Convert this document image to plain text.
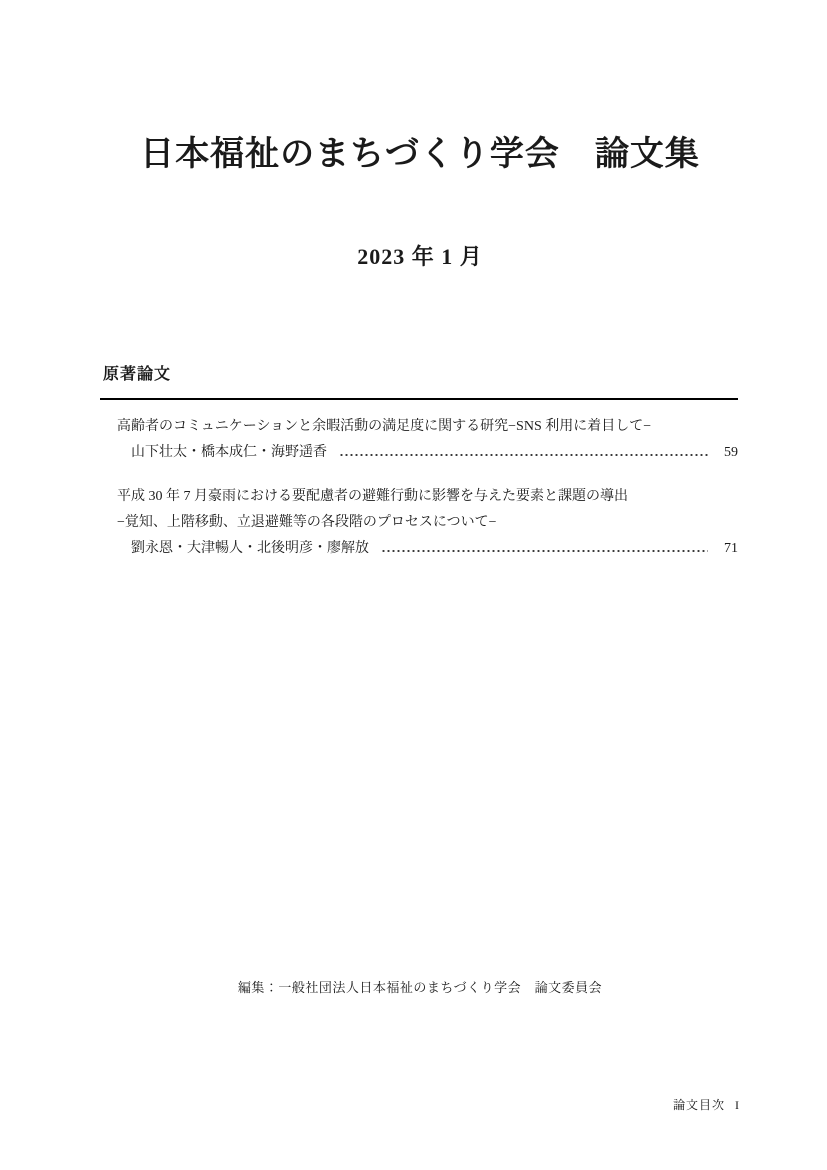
日本福祉のまちづくり学会　論文集
2023 年 1 月
原著論文
高齢者のコミュニケーションと余暇活動の満足度に関する研究−SNS 利用に着目して−
山下壮太・橋本成仁・海野遥香	59
平成 30 年 7 月豪雨における要配慮者の避難行動に影響を与えた要素と課題の導出
−覚知、上階移動、立退避難等の各段階のプロセスについて−
劉永恩・大津暢人・北後明彦・廖解放	71
編集：一般社団法人日本福祉のまちづくり学会　論文委員会
論文目次 I
